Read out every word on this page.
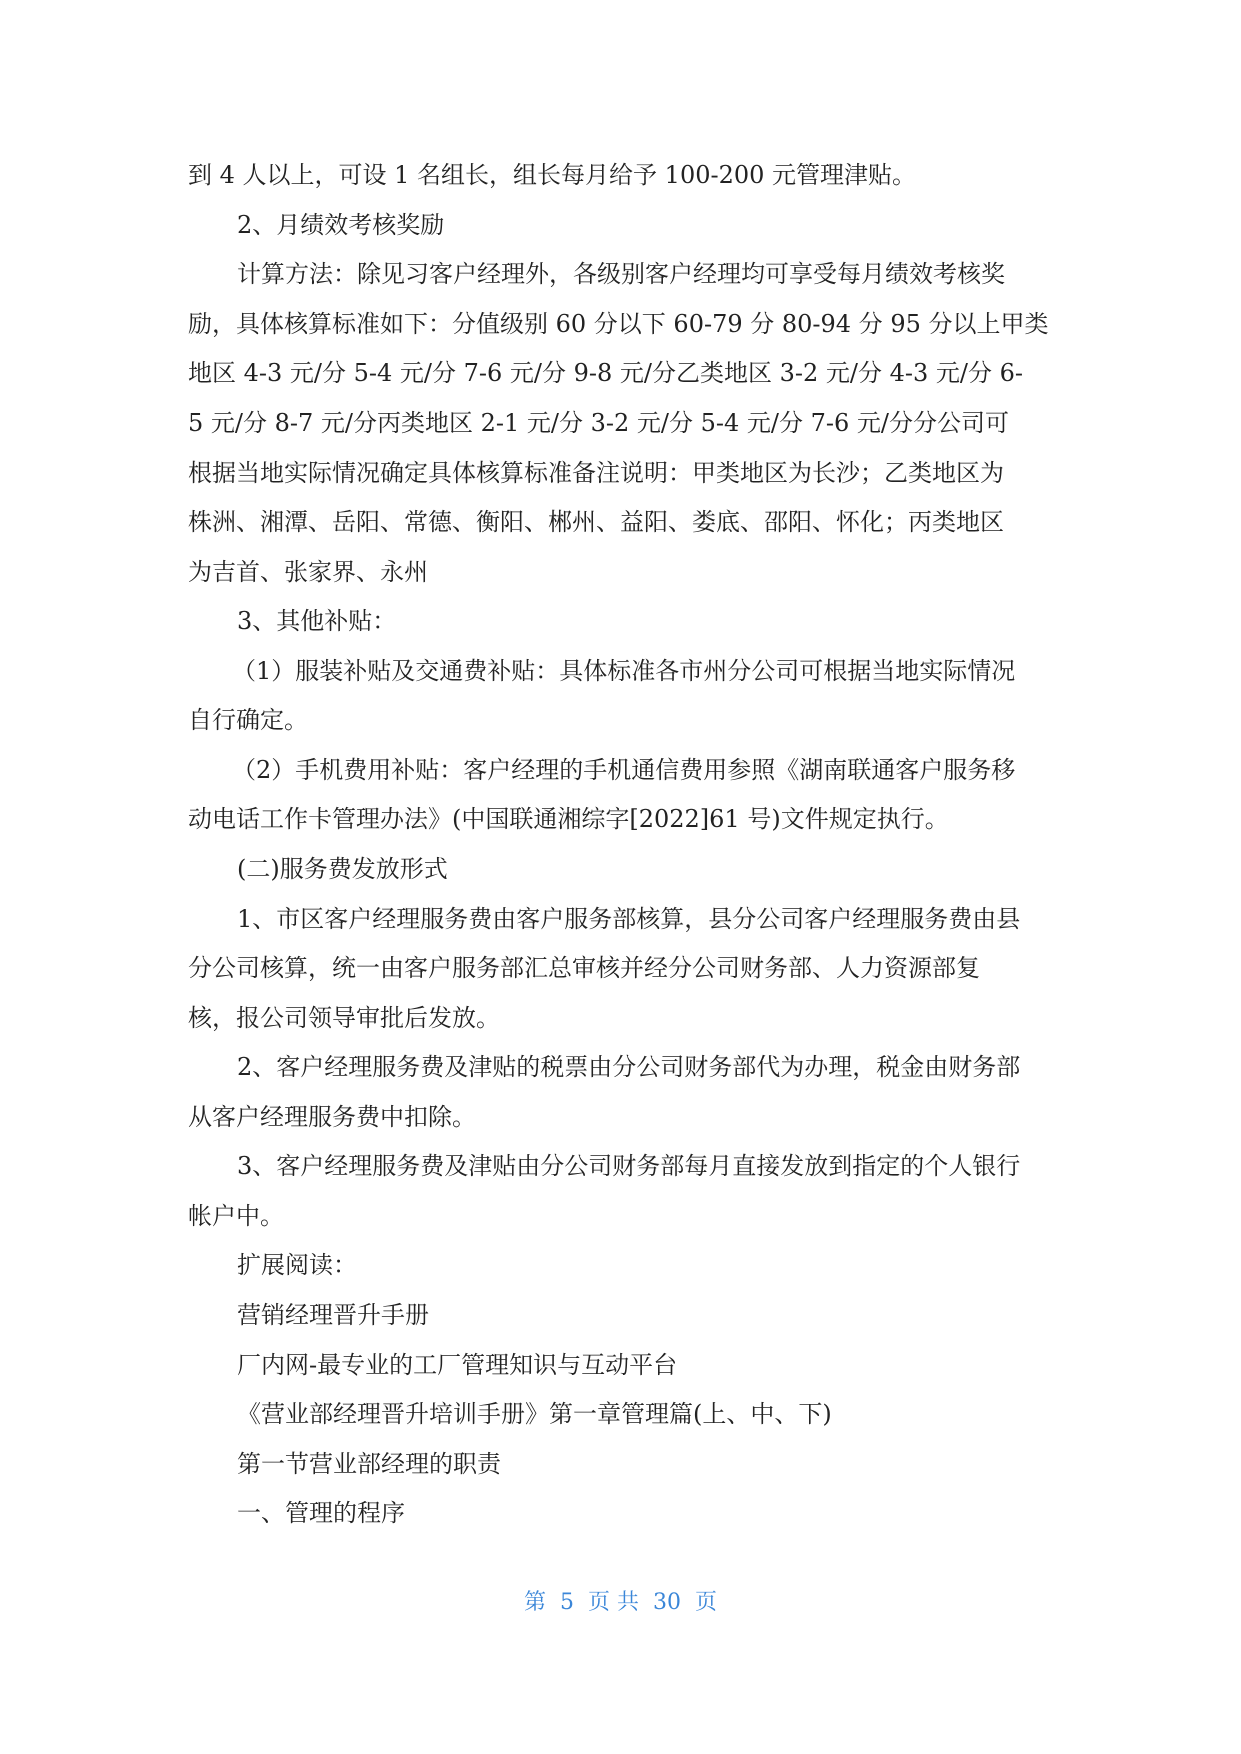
到 4 人以上，可设 1 名组长，组长每月给予 100-200 元管理津贴。
2、月绩效考核奖励
计算方法：除见习客户经理外，各级别客户经理均可享受每月绩效考核奖
励，具体核算标准如下：分值级别 60 分以下 60-79 分 80-94 分 95 分以上甲类
地区 4-3 元/分 5-4 元/分 7-6 元/分 9-8 元/分乙类地区 3-2 元/分 4-3 元/分 6-
5 元/分 8-7 元/分丙类地区 2-1 元/分 3-2 元/分 5-4 元/分 7-6 元/分分公司可
根据当地实际情况确定具体核算标准备注说明：甲类地区为长沙；乙类地区为
株洲、湘潭、岳阳、常德、衡阳、郴州、益阳、娄底、邵阳、怀化；丙类地区
为吉首、张家界、永州
3、其他补贴：
（1）服装补贴及交通费补贴：具体标准各市州分公司可根据当地实际情况
自行确定。
（2）手机费用补贴：客户经理的手机通信费用参照《湖南联通客户服务移
动电话工作卡管理办法》(中国联通湘综字[2022]61 号)文件规定执行。
(二)服务费发放形式
1、市区客户经理服务费由客户服务部核算，县分公司客户经理服务费由县
分公司核算，统一由客户服务部汇总审核并经分公司财务部、人力资源部复
核，报公司领导审批后发放。
2、客户经理服务费及津贴的税票由分公司财务部代为办理，税金由财务部
从客户经理服务费中扣除。
3、客户经理服务费及津贴由分公司财务部每月直接发放到指定的个人银行
帐户中。
扩展阅读：
营销经理晋升手册
厂内网-最专业的工厂管理知识与互动平台
《营业部经理晋升培训手册》第一章管理篇(上、中、下)
第一节营业部经理的职责
一、管理的程序
第  5  页 共  30  页
